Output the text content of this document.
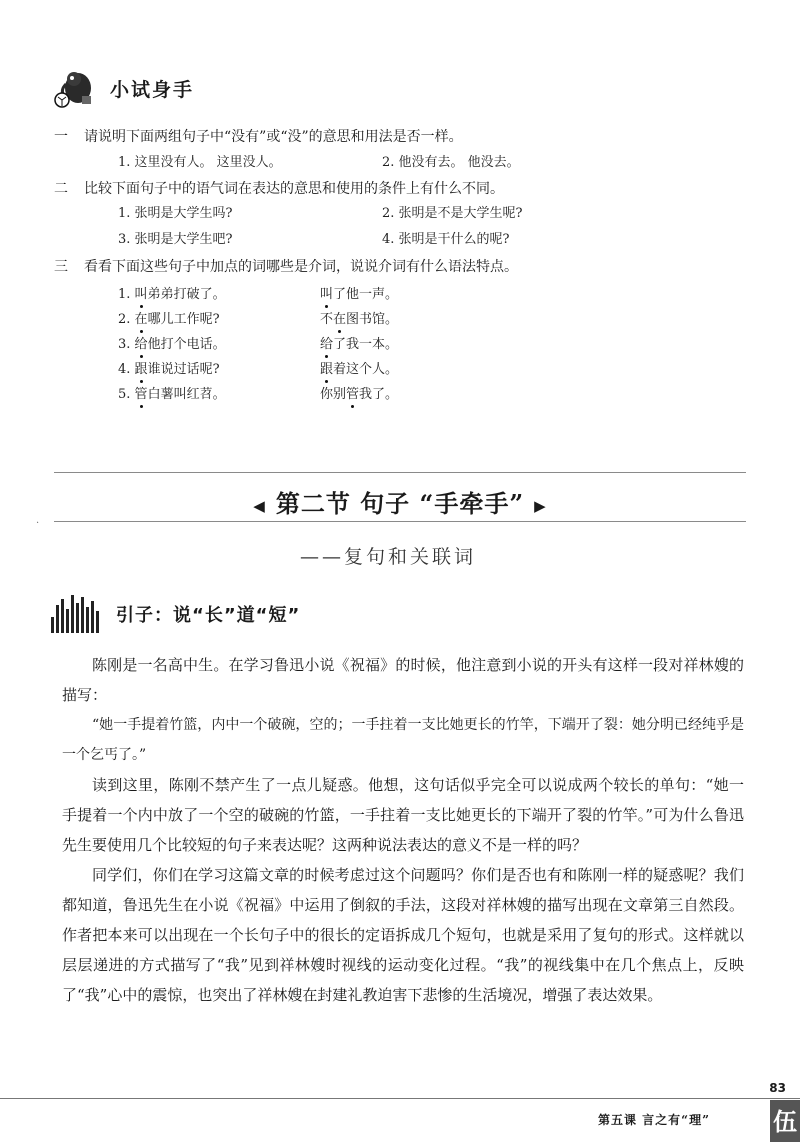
小试身手
一 请说明下面两组句子中“没有”或“没”的意思和用法是否一样。
1. 这里没有人。 这里没人。	2. 他没有去。 他没去。
二 比较下面句子中的语气词在表达的意思和使用的条件上有什么不同。
1. 张明是大学生吗?	2. 张明是不是大学生呢?
3. 张明是大学生吧?	4. 张明是干什么的呢?
三 看看下面这些句子中加点的词哪些是介词，说说介词有什么语法特点。
1. 叫弟弟打破了。	叫了他一声。
2. 在哪儿工作呢?	不在图书馆。
3. 给他打个电话。	给了我一本。
4. 跟谁说过话呢?	跟着这个人。
5. 管白薯叫红苕。	你别管我了。
◀ 第二节 句子 “手牵手” ▶
·
——复句和关联词
引子：说“长”道“短”

陈刚是一名高中生。在学习鲁迅小说《祝福》的时候，他注意到小说的开头有这样一段对祥林嫂的描写：

“她一手提着竹篮，内中一个破碗，空的；一手拄着一支比她更长的竹竿，下端开了裂：她分明已经纯乎是一个乞丐了。”

读到这里，陈刚不禁产生了一点儿疑惑。他想，这句话似乎完全可以说成两个较长的单句：“她一手提着一个内中放了一个空的破碗的竹篮，一手拄着一支比她更长的下端开了裂的竹竿。”可为什么鲁迅先生要使用几个比较短的句子来表达呢？这两种说法表达的意义不是一样的吗？

同学们，你们在学习这篇文章的时候考虑过这个问题吗？你们是否也有和陈刚一样的疑惑呢？我们都知道，鲁迅先生在小说《祝福》中运用了倒叙的手法，这段对祥林嫂的描写出现在文章第三自然段。作者把本来可以出现在一个长句子中的很长的定语拆成几个短句，也就是采用了复句的形式。这样就以层层递进的方式描写了“我”见到祥林嫂时视线的运动变化过程。“我”的视线集中在几个焦点上，反映了“我”心中的震惊，也突出了祥林嫂在封建礼教迫害下悲惨的生活境况，增强了表达效果。

83
第五课 言之有“理”	伍
